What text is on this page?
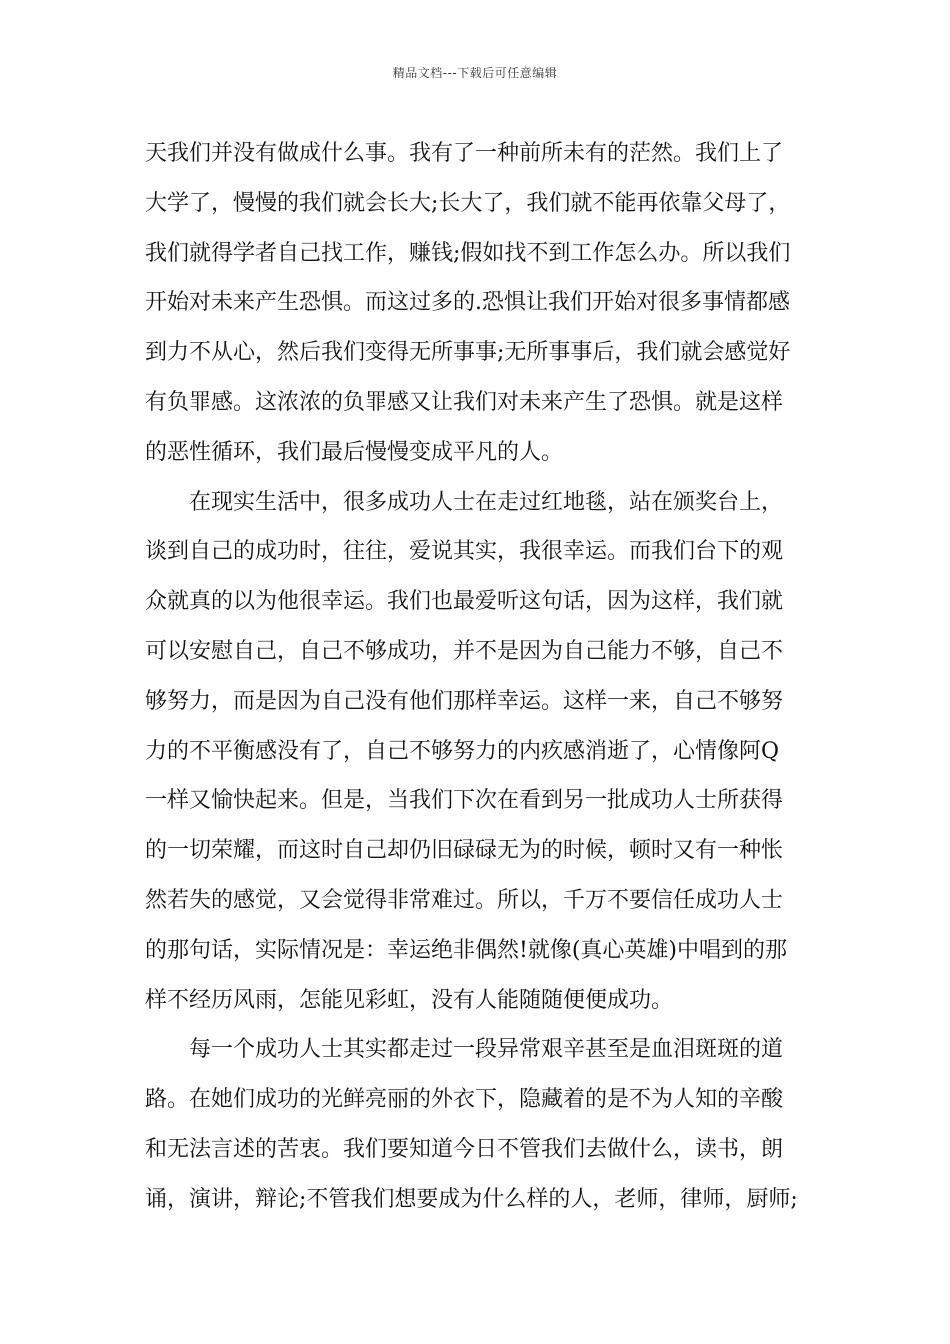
精品文档---下载后可任意编辑
天我们并没有做成什么事。我有了一种前所未有的茫然。我们上了
大学了，慢慢的我们就会长大;长大了，我们就不能再依靠父母了，
我们就得学者自己找工作，赚钱;假如找不到工作怎么办。所以我们
开始对未来产生恐惧。而这过多的.恐惧让我们开始对很多事情都感
到力不从心，然后我们变得无所事事;无所事事后，我们就会感觉好
有负罪感。这浓浓的负罪感又让我们对未来产生了恐惧。就是这样
的恶性循环，我们最后慢慢变成平凡的人。
在现实生活中，很多成功人士在走过红地毯，站在颁奖台上，
谈到自己的成功时，往往，爱说其实，我很幸运。而我们台下的观
众就真的以为他很幸运。我们也最爱听这句话，因为这样，我们就
可以安慰自己，自己不够成功，并不是因为自己能力不够，自己不
够努力，而是因为自己没有他们那样幸运。这样一来，自己不够努
力的不平衡感没有了，自己不够努力的内疚感消逝了，心情像阿Q
一样又愉快起来。但是，当我们下次在看到另一批成功人士所获得
的一切荣耀，而这时自己却仍旧碌碌无为的时候，顿时又有一种怅
然若失的感觉，又会觉得非常难过。所以，千万不要信任成功人士
的那句话，实际情况是：幸运绝非偶然!就像(真心英雄)中唱到的那
样不经历风雨，怎能见彩虹，没有人能随随便便成功。
每一个成功人士其实都走过一段异常艰辛甚至是血泪斑斑的道
路。在她们成功的光鲜亮丽的外衣下，隐藏着的是不为人知的辛酸
和无法言述的苦衷。我们要知道今日不管我们去做什么，读书，朗
诵，演讲，辩论;不管我们想要成为什么样的人，老师，律师，厨师;
